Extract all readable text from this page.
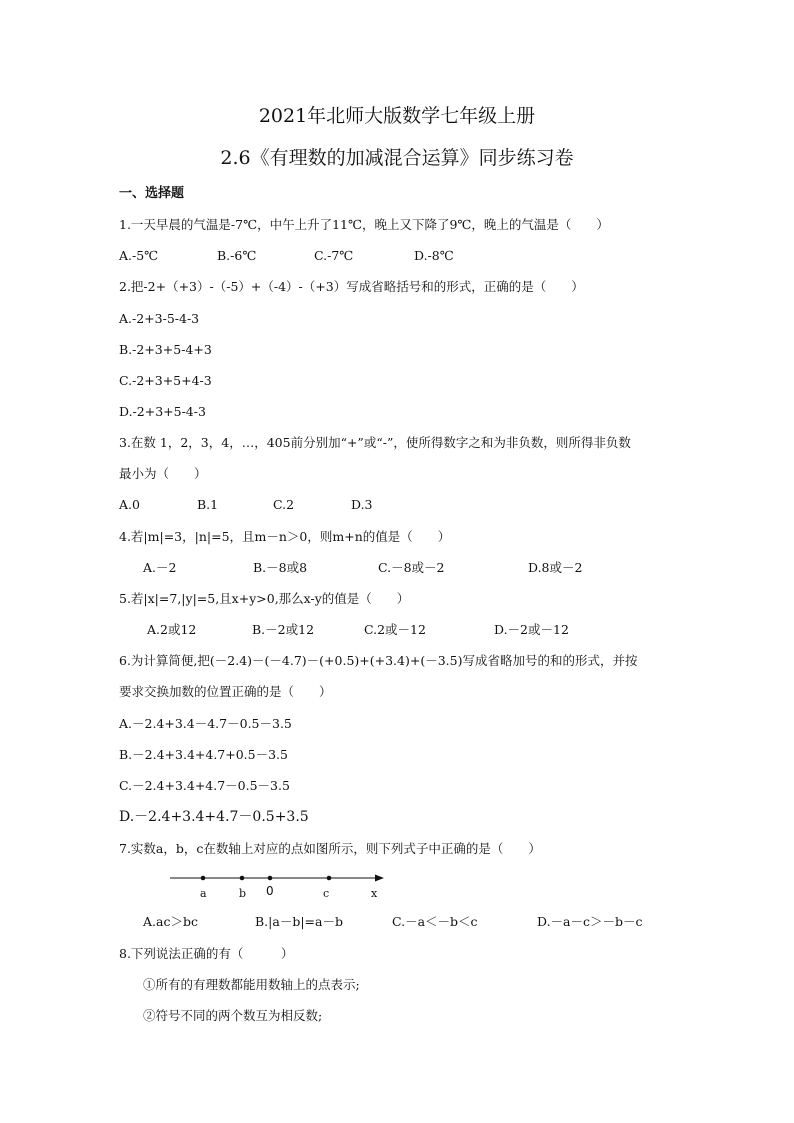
2021年北师大版数学七年级上册
2.6《有理数的加减混合运算》同步练习卷
一、选择题
1.一天早晨的气温是-7℃，中午上升了11℃，晚上又下降了9℃，晚上的气温是（　　）
A.-5℃	B.-6℃	C.-7℃	D.-8℃
2.把-2+（+3）-（-5）+（-4）-（+3）写成省略括号和的形式，正确的是（　　）
A.-2+3-5-4-3
B.-2+3+5-4+3
C.-2+3+5+4-3
D.-2+3+5-4-3
3.在数 1，2，3，4，…，405前分别加“+”或“-”，使所得数字之和为非负数，则所得非负数
最小为（　　）
A.0	B.1	C.2	D.3
4.若|m|=3，|n|=5，且m－n＞0，则m+n的值是（　　）
A.－2	B.－8或8	C.－8或－2	D.8或－2
5.若|x|=7,|y|=5,且x+y>0,那么x-y的值是（　　）
A.2或12	B.－2或12	C.2或－12	D.－2或－12
6.为计算简便,把(－2.4)－(－4.7)－(+0.5)+(+3.4)+(－3.5)写成省略加号的和的形式，并按
要求交换加数的位置正确的是（　　）
A.－2.4+3.4－4.7－0.5－3.5
B.－2.4+3.4+4.7+0.5－3.5
C.－2.4+3.4+4.7－0.5－3.5
D.－2.4+3.4+4.7－0.5+3.5
7.实数a，b，c在数轴上对应的点如图所示，则下列式子中正确的是（　　）
a	b 0	c	x
A.ac＞bc	B.|a－b|=a－b	C.－a＜－b＜c	D.－a－c＞－b－c
8.下列说法正确的有（　　　）
①所有的有理数都能用数轴上的点表示;
②符号不同的两个数互为相反数;
